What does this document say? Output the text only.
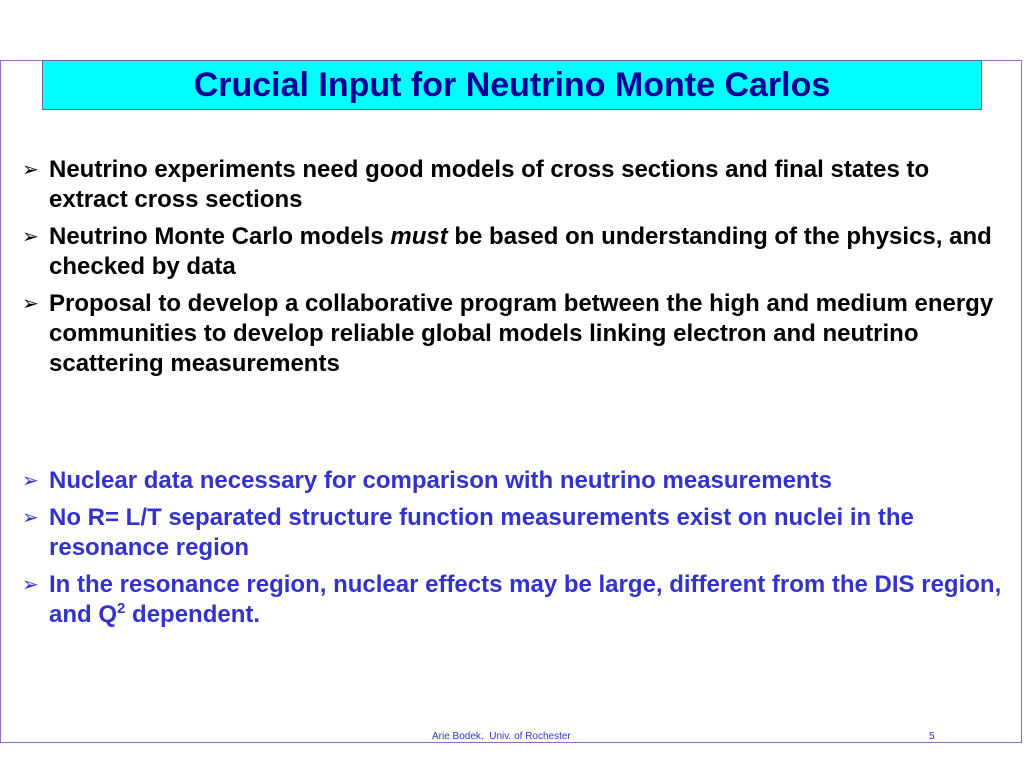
Crucial Input for Neutrino Monte Carlos
➢ Neutrino experiments need good models of cross sections and final states to extract cross sections
➢ Neutrino Monte Carlo models must be based on understanding of the physics, and checked by data
➢ Proposal to develop a collaborative program between the high and medium energy communities to develop reliable global models linking electron and neutrino scattering measurements
➢ Nuclear data necessary for comparison with neutrino measurements
➢ No R= L/T separated structure function measurements exist on nuclei in the resonance region
➢ In the resonance region, nuclear effects may be large, different from the DIS region, and $Q^2$ dependent.
Arie Bodek,  Univ. of Rochester	5
